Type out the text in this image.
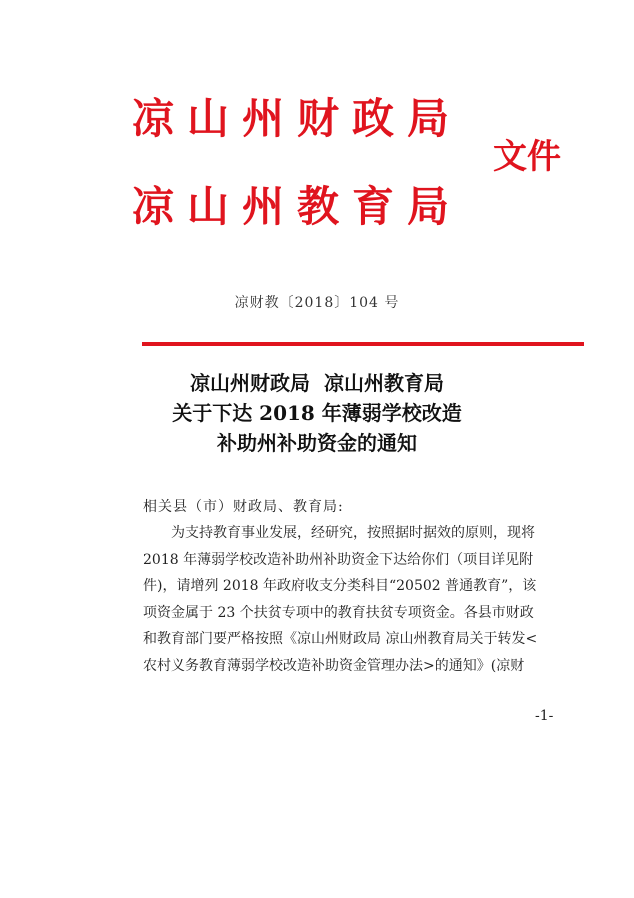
凉山州财政局
文件
凉山州教育局
凉财教〔2018〕104 号
凉山州财政局  凉山州教育局
关于下达 2018 年薄弱学校改造
补助州补助资金的通知
相关县（市）财政局、教育局:
为支持教育事业发展，经研究，按照据时据效的原则，现将
2018 年薄弱学校改造补助州补助资金下达给你们（项目详见附
件)，请增列 2018 年政府收支分类科目“20502 普通教育”，该
项资金属于 23 个扶贫专项中的教育扶贫专项资金。各县市财政
和教育部门要严格按照《凉山州财政局 凉山州教育局关于转发<
农村义务教育薄弱学校改造补助资金管理办法>的通知》(凉财
-1-
